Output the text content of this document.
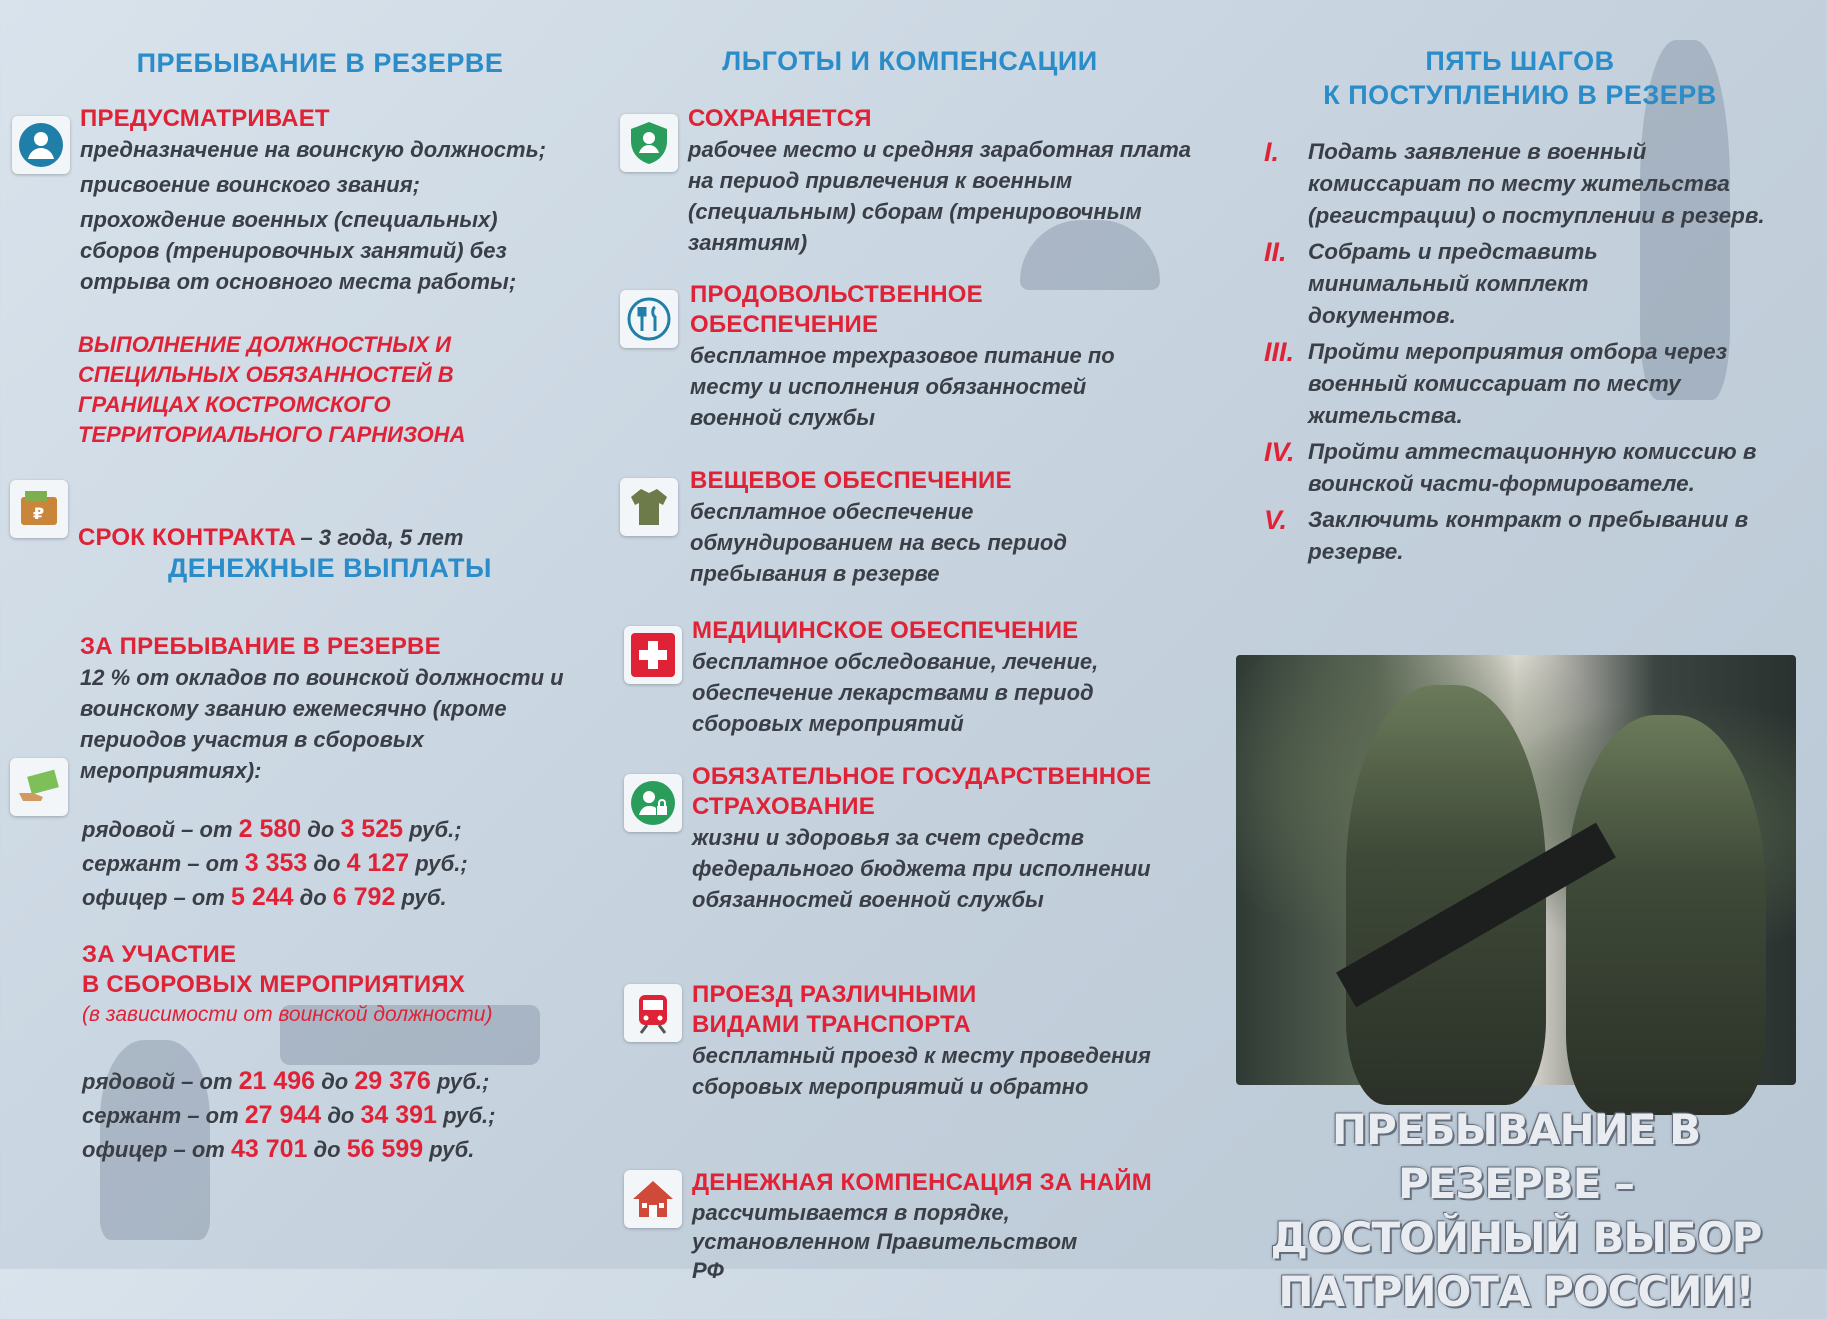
ПРЕБЫВАНИЕ В РЕЗЕРВЕ
ПРЕДУСМАТРИВАЕТ
предназначение на воинскую должность;
присвоение воинского звания;
прохождение военных (специальных) сборов (тренировочных занятий) без отрыва от основного места работы;
ВЫПОЛНЕНИЕ ДОЛЖНОСТНЫХ И СПЕЦИЛЬНЫХ ОБЯЗАННОСТЕЙ В ГРАНИЦАХ КОСТРОМСКОГО ТЕРРИТОРИАЛЬНОГО ГАРНИЗОНА
₽
СРОК КОНТРАКТА – 3 года, 5 лет
ДЕНЕЖНЫЕ ВЫПЛАТЫ
ЗА ПРЕБЫВАНИЕ В РЕЗЕРВЕ
12 % от окладов по воинской должности и воинскому званию ежемесячно (кроме периодов участия в сборовых мероприятиях):
рядовой – от 2 580 до 3 525 руб.;
сержант – от 3 353 до 4 127 руб.;
офицер – от 5 244 до 6 792 руб.
ЗА УЧАСТИЕ
В СБОРОВЫХ МЕРОПРИЯТИЯХ
(в зависимости от воинской должности)
рядовой – от 21 496 до 29 376 руб.;
сержант – от 27 944 до 34 391 руб.;
офицер – от 43 701 до 56 599 руб.
ЛЬГОТЫ И КОМПЕНСАЦИИ
СОХРАНЯЕТСЯ
рабочее место и средняя заработная плата на период привлечения к военным (специальным) сборам (тренировочным занятиям)
ПРОДОВОЛЬСТВЕННОЕ ОБЕСПЕЧЕНИЕ
бесплатное трехразовое питание по месту и исполнения обязанностей военной службы
ВЕЩЕВОЕ ОБЕСПЕЧЕНИЕ
бесплатное обеспечение обмундированием на весь период пребывания в резерве
МЕДИЦИНСКОЕ ОБЕСПЕЧЕНИЕ
бесплатное обследование, лечение, обеспечение лекарствами в период сборовых мероприятий
ОБЯЗАТЕЛЬНОЕ ГОСУДАРСТВЕННОЕ СТРАХОВАНИЕ
жизни и здоровья за счет средств федерального бюджета при исполнении обязанностей военной службы
ПРОЕЗД РАЗЛИЧНЫМИ ВИДАМИ ТРАНСПОРТА
бесплатный проезд к месту проведения сборовых мероприятий и обратно
ДЕНЕЖНАЯ КОМПЕНСАЦИЯ ЗА НАЙМ
рассчитывается в порядке, установленном Правительством РФ
ПЯТЬ ШАГОВ
К ПОСТУПЛЕНИЮ В РЕЗЕРВ
I.	Подать заявление в военный комиссариат по месту жительства (регистрации) о поступлении в резерв.
II. Собрать и представить минимальный комплект документов.
III. Пройти мероприятия отбора через военный комиссариат по месту жительства.
IV. Пройти аттестационную комиссию в воинской части-формирователе.
V. Заключить контракт о пребывании в резерве.
ПРЕБЫВАНИЕ В РЕЗЕРВЕ –
ДОСТОЙНЫЙ ВЫБОР
ПАТРИОТА РОССИИ!
